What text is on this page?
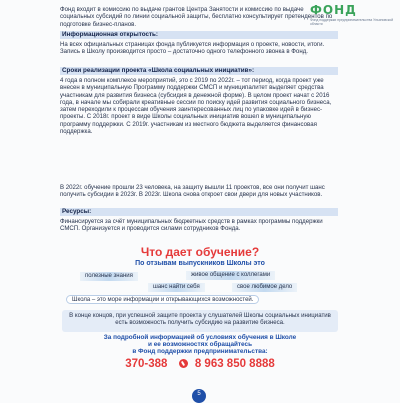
ФОНД
Фонд поддержки предпринимательства Ульяновской области
Фонд входит в комиссию по выдаче грантов Центра Занятости и комиссию по выдаче социальных субсидий по линии социальной защиты, бесплатно консультирует претендентов по подготовке бизнес-планов.
Информационная открытость:
На всех официальных страницах фонда публикуется информация о проекте, новости, итоги. Запись в Школу производится просто – достаточно одного телефонного звонка в Фонд.
Сроки реализации проекта «Школа социальных инициатив»:
4 года в полном комплексе мероприятий, это с 2019 по 2022г. – тот период, когда проект уже внесен в муниципальную Программу поддержки СМСП и муниципалитет выделяет средства участникам для развития бизнеса (субсидия в денежной форме). В целом проект начат с 2016 года, в начале мы собирали креативные сессии по поиску идей развития социального бизнеса, затем переходили к процессам обучения заинтересованных лиц по упаковке идей в бизнес-проекты. С 2018г. проект в виде Школы социальных инициатив вошел в муниципальную программу поддержки. С 2019г. участникам из местного бюджета выделяется финансовая поддержка.
В 2022г. обучение прошли 23 человека, на защиту вышли 11 проектов, все они получит шанс получить субсидии в 2023г. В 2023г. Школа снова откроет свои двери для новых участников.
Ресурсы:
Финансируется за счёт муниципальных бюджетных средств в рамках программы поддержки СМСП. Организуется и проводится силами сотрудников Фонда.
Что дает обучение?
По отзывам выпускников Школы это
полезные знания	живое общение с коллегами
шанс найти себя	свое любимое дело
Школа – это море информации и открывающихся возможностей.
В конце концов, при успешной защите проекта у слушателей Школы социальных инициатив есть возможность получить субсидию на развитие бизнеса.
За подробной информацией об условиях обучения в Школе
и ее возможностях обращайтесь
в Фонд поддержки предпринимательства:
370-388 8 963 850 8888
5
